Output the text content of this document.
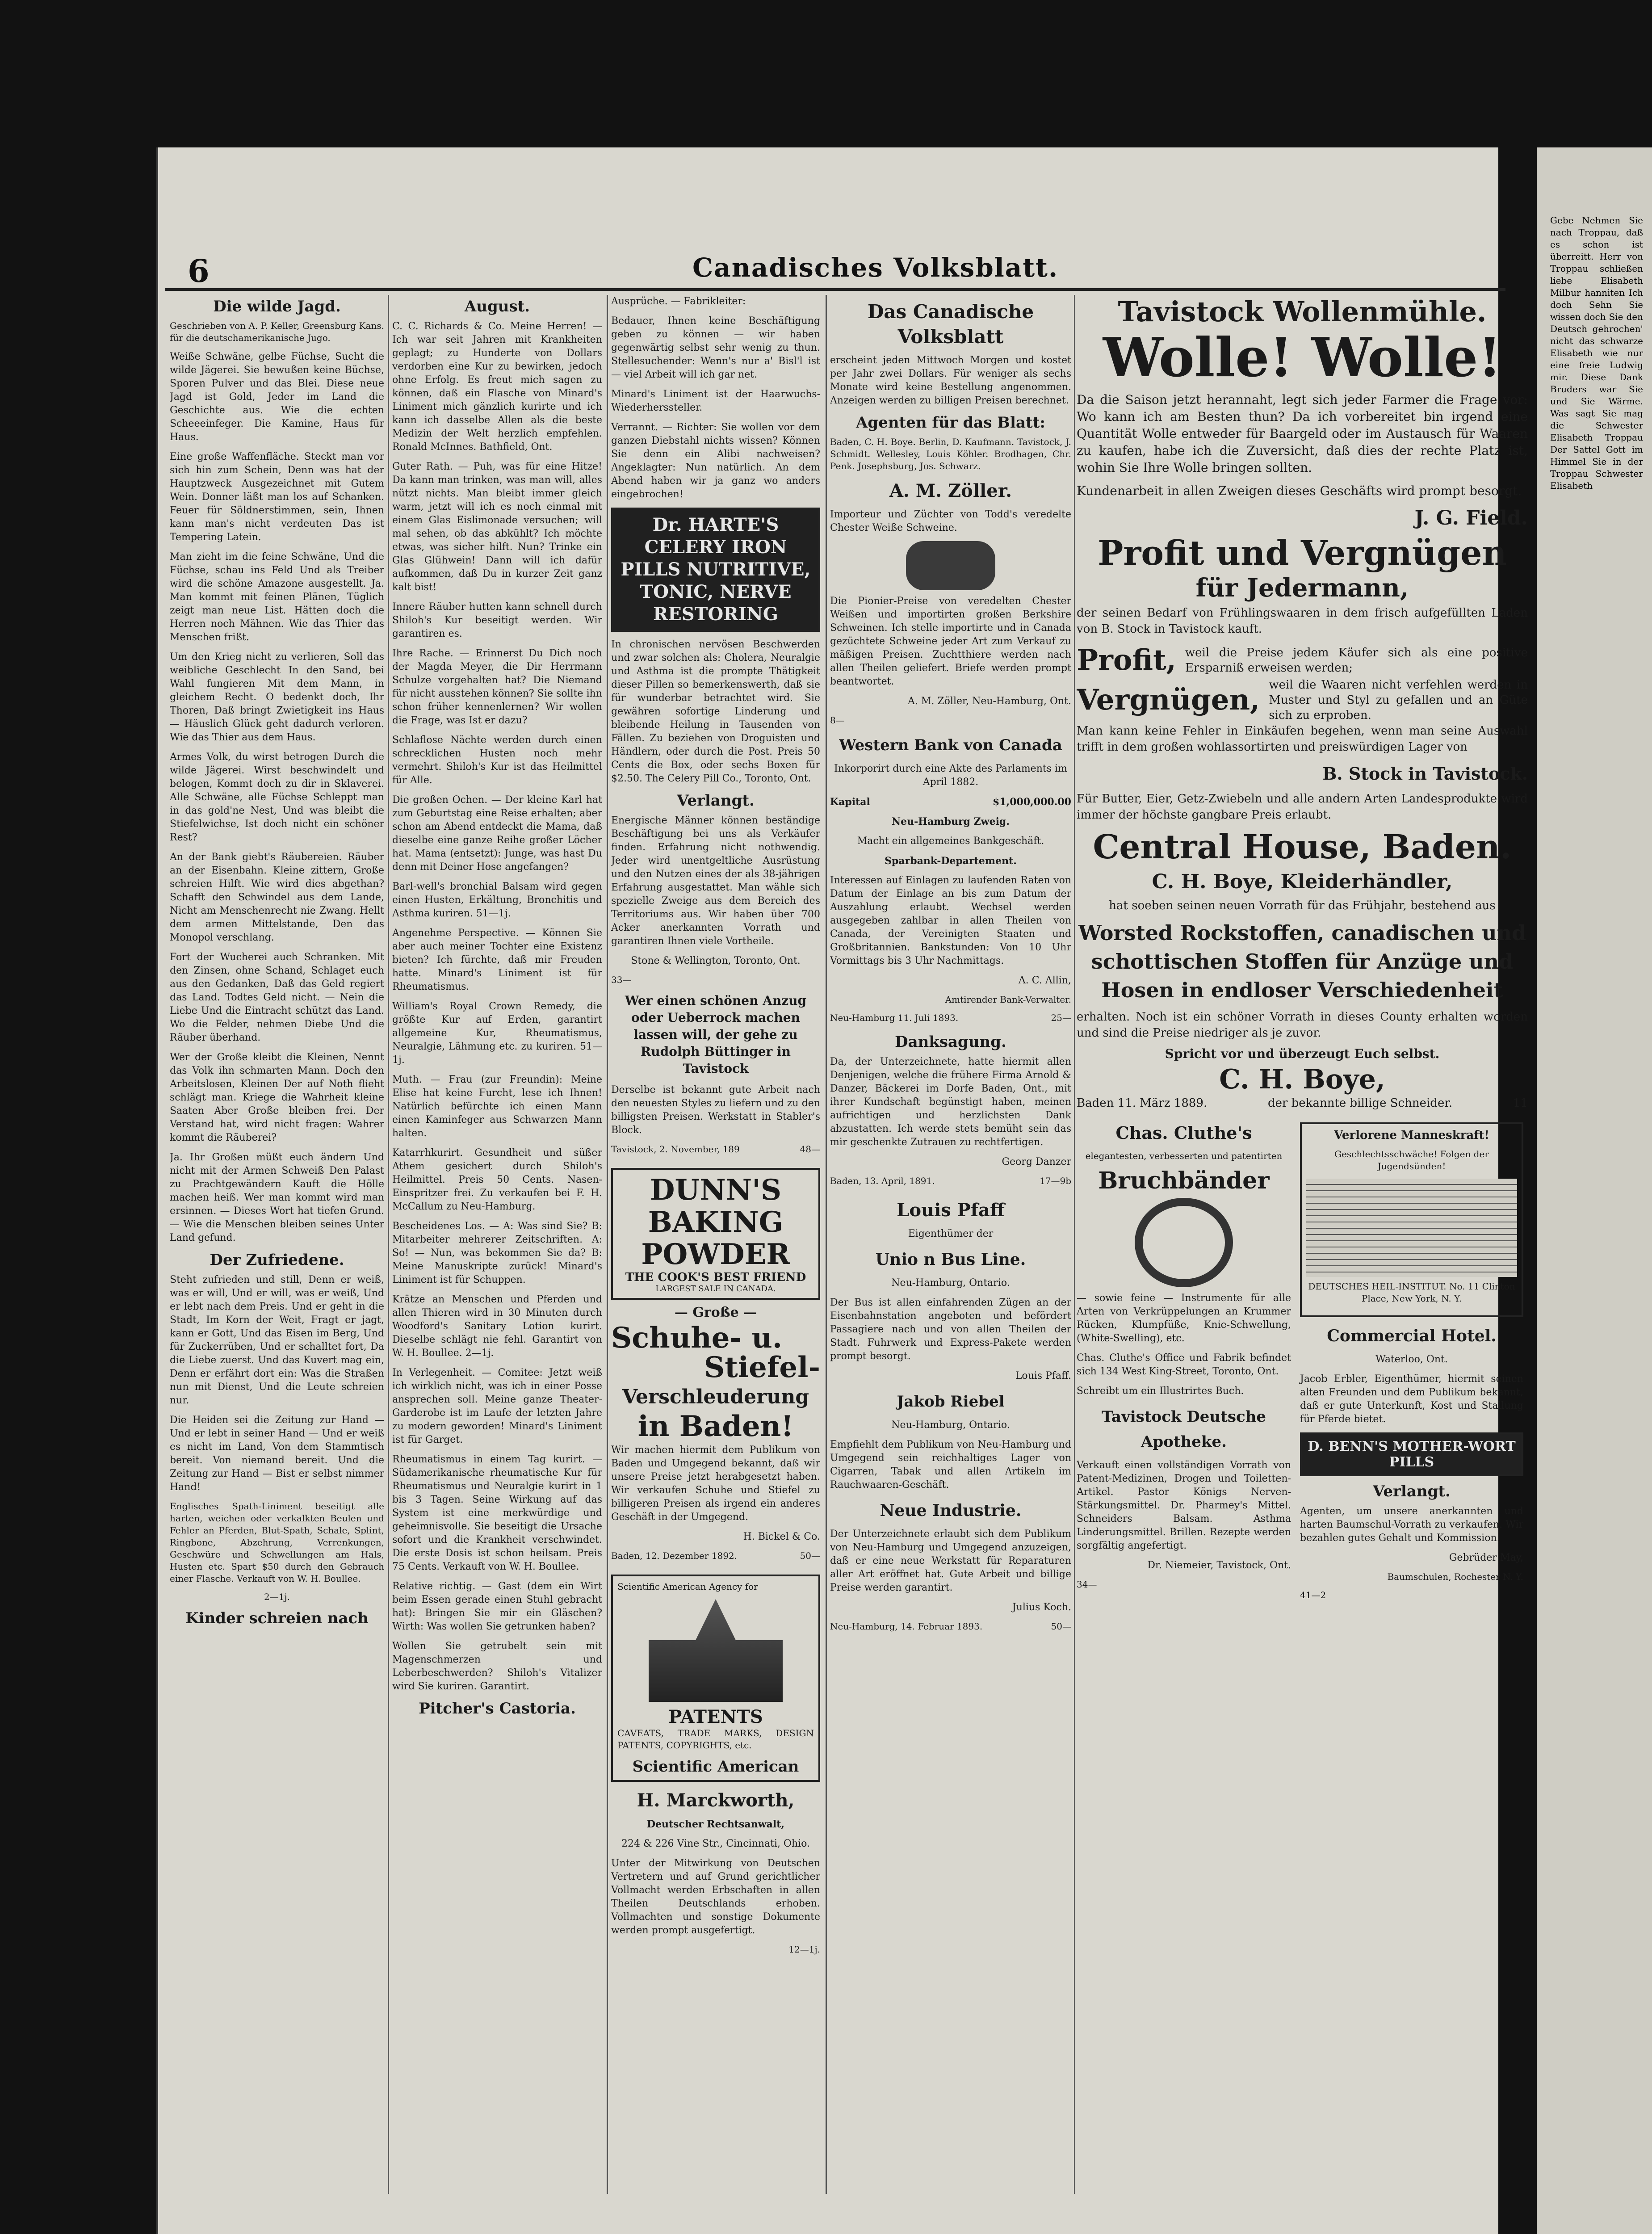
Gebe Nehmen Sie nach Troppau, daß es schon ist überreitt. Herr von Troppau schließen liebe Elisabeth Milbur hanniten Ich doch Sehn Sie wissen doch Sie den Deutsch gehrochen' nicht das schwarze Elisabeth wie nur eine freie Ludwig mir. Diese Dank Bruders war Sie und Sie Wärme. Was sagt Sie mag die Schwester Elisabeth Troppau Der Sattel Gott im Himmel Sie in der Troppau Schwester Elisabeth

6	Canadisches Volksblatt.
Die wilde Jagd.

Geschrieben von A. P. Keller, Greensburg Kans. für die deutschamerikanische Jugo.

Weiße Schwäne, gelbe Füchse, Sucht die wilde Jägerei. Sie bewußen keine Büchse, Sporen Pulver und das Blei. Diese neue Jagd ist Gold, Jeder im Land die Geschichte aus. Wie die echten Scheeeinfeger. Die Kamine, Haus für Haus.

Eine große Waffenfläche. Steckt man vor sich hin zum Schein, Denn was hat der Hauptzweck Ausgezeichnet mit Gutem Wein. Donner läßt man los auf Schanken. Feuer für Söldnerstimmen, sein, Ihnen kann man's nicht verdeuten Das ist Tempering Latein.

Man zieht im die feine Schwäne, Und die Füchse, schau ins Feld Und als Treiber wird die schöne Amazone ausgestellt. Ja. Man kommt mit feinen Plänen, Tüglich zeigt man neue List. Hätten doch die Herren noch Mähnen. Wie das Thier das Menschen frißt.

Um den Krieg nicht zu verlieren, Soll das weibliche Geschlecht In den Sand, bei Wahl fungieren Mit dem Mann, in gleichem Recht. O bedenkt doch, Ihr Thoren, Daß bringt Zwietigkeit ins Haus — Häuslich Glück geht dadurch verloren. Wie das Thier aus dem Haus.

Armes Volk, du wirst betrogen Durch die wilde Jägerei. Wirst beschwindelt und belogen, Kommt doch zu dir in Sklaverei. Alle Schwäne, alle Füchse Schleppt man in das gold'ne Nest, Und was bleibt die Stiefelwichse, Ist doch nicht ein schöner Rest?

An der Bank giebt's Räubereien. Räuber an der Eisenbahn. Kleine zittern, Große schreien Hilft. Wie wird dies abgethan? Schafft den Schwindel aus dem Lande, Nicht am Menschenrecht nie Zwang. Hellt dem armen Mittelstande, Den das Monopol verschlang.

Fort der Wucherei auch Schranken. Mit den Zinsen, ohne Schand, Schlaget euch aus den Gedanken, Daß das Geld regiert das Land. Todtes Geld nicht. — Nein die Liebe Und die Eintracht schützt das Land. Wo die Felder, nehmen Diebe Und die Räuber überhand.

Wer der Große kleibt die Kleinen, Nennt das Volk ihn schmarten Mann. Doch den Arbeitslosen, Kleinen Der auf Noth flieht schlägt man. Kriege die Wahrheit kleine Saaten Aber Große bleiben frei. Der Verstand hat, wird nicht fragen: Wahrer kommt die Räuberei?

Ja. Ihr Großen müßt euch ändern Und nicht mit der Armen Schweiß Den Palast zu Prachtgewändern Kauft die Hölle machen heiß. Wer man kommt wird man ersinnen. — Dieses Wort hat tiefen Grund. — Wie die Menschen bleiben seines Unter Land gefund.

Der Zufriedene.

Steht zufrieden und still, Denn er weiß, was er will, Und er will, was er weiß, Und er lebt nach dem Preis. Und er geht in die Stadt, Im Korn der Weit, Fragt er jagt, kann er Gott, Und das Eisen im Berg, Und für Zuckerrüben, Und er schalltet fort, Da die Liebe zuerst. Und das Kuvert mag ein, Denn er erfährt dort ein: Was die Straßen nun mit Dienst, Und die Leute schreien nur.

Die Heiden sei die Zeitung zur Hand — Und er lebt in seiner Hand — Und er weiß es nicht im Land, Von dem Stammtisch bereit. Von niemand bereit. Und die Zeitung zur Hand — Bist er selbst nimmer Hand!

Englisches Spath-Liniment beseitigt alle harten, weichen oder verkalkten Beulen und Fehler an Pferden, Blut-Spath, Schale, Splint, Ringbone, Abzehrung, Verrenkungen, Geschwüre und Schwellungen am Hals, Husten etc. Spart $50 durch den Gebrauch einer Flasche. Verkauft von W. H. Boullee.

2—1j.

Kinder schreien nach
August.

C. C. Richards & Co. Meine Herren! — Ich war seit Jahren mit Krankheiten geplagt; zu Hunderte von Dollars verdorben eine Kur zu bewirken, jedoch ohne Erfolg. Es freut mich sagen zu können, daß ein Flasche von Minard's Liniment mich gänzlich kurirte und ich kann ich dasselbe Allen als die beste Medizin der Welt herzlich empfehlen. Ronald McInnes. Bathfield, Ont.

Guter Rath. — Puh, was für eine Hitze! Da kann man trinken, was man will, alles nützt nichts. Man bleibt immer gleich warm, jetzt will ich es noch einmal mit einem Glas Eislimonade versuchen; will mal sehen, ob das abkühlt? Ich möchte etwas, was sicher hilft. Nun? Trinke ein Glas Glühwein! Dann will ich dafür aufkommen, daß Du in kurzer Zeit ganz kalt bist!

Innere Räuber hutten kann schnell durch Shiloh's Kur beseitigt werden. Wir garantiren es.

Ihre Rache. — Erinnerst Du Dich noch der Magda Meyer, die Dir Herrmann Schulze vorgehalten hat? Die Niemand für nicht ausstehen können? Sie sollte ihn schon früher kennenlernen? Wir wollen die Frage, was Ist er dazu?

Schlaflose Nächte werden durch einen schrecklichen Husten noch mehr vermehrt. Shiloh's Kur ist das Heilmittel für Alle.

Die großen Ochen. — Der kleine Karl hat zum Geburtstag eine Reise erhalten; aber schon am Abend entdeckt die Mama, daß dieselbe eine ganze Reihe großer Löcher hat. Mama (entsetzt): Junge, was hast Du denn mit Deiner Hose angefangen?

Barl-well's bronchial Balsam wird gegen einen Husten, Erkältung, Bronchitis und Asthma kuriren. 51—1j.

Angenehme Perspective. — Können Sie aber auch meiner Tochter eine Existenz bieten? Ich fürchte, daß mir Freuden hatte. Minard's Liniment ist für Rheumatismus.

William's Royal Crown Remedy, die größte Kur auf Erden, garantirt allgemeine Kur, Rheumatismus, Neuralgie, Lähmung etc. zu kuriren. 51—1j.

Muth. — Frau (zur Freundin): Meine Elise hat keine Furcht, lese ich Ihnen! Natürlich befürchte ich einen Mann einen Kaminfeger aus Schwarzen Mann halten.

Katarrhkurirt. Gesundheit und süßer Athem gesichert durch Shiloh's Heilmittel. Preis 50 Cents. Nasen-Einspritzer frei. Zu verkaufen bei F. H. McCallum zu Neu-Hamburg.

Bescheidenes Los. — A: Was sind Sie? B: Mitarbeiter mehrerer Zeitschriften. A: So! — Nun, was bekommen Sie da? B: Meine Manuskripte zurück! Minard's Liniment ist für Schuppen.

Krätze an Menschen und Pferden und allen Thieren wird in 30 Minuten durch Woodford's Sanitary Lotion kurirt. Dieselbe schlägt nie fehl. Garantirt von W. H. Boullee. 2—1j.

In Verlegenheit. — Comitee: Jetzt weiß ich wirklich nicht, was ich in einer Posse ansprechen soll. Meine ganze Theater-Garderobe ist im Laufe der letzten Jahre zu modern geworden! Minard's Liniment ist für Garget.

Rheumatismus in einem Tag kurirt. — Südamerikanische rheumatische Kur für Rheumatismus und Neuralgie kurirt in 1 bis 3 Tagen. Seine Wirkung auf das System ist eine merkwürdige und geheimnisvolle. Sie beseitigt die Ursache sofort und die Krankheit verschwindet. Die erste Dosis ist schon heilsam. Preis 75 Cents. Verkauft von W. H. Boullee.

Relative richtig. — Gast (dem ein Wirt beim Essen gerade einen Stuhl gebracht hat): Bringen Sie mir ein Gläschen? Wirth: Was wollen Sie getrunken haben?

Wollen Sie getrubelt sein mit Magenschmerzen und Leberbeschwerden? Shiloh's Vitalizer wird Sie kuriren. Garantirt.

Pitcher's Castoria.

Ausprüche. — Fabrikleiter:

Bedauer, Ihnen keine Beschäftigung geben zu können — wir haben gegenwärtig selbst sehr wenig zu thun. Stellesuchender: Wenn's nur a' Bisl'l ist — viel Arbeit will ich gar net.

Minard's Liniment ist der Haarwuchs-Wiederherssteller.

Verrannt. — Richter: Sie wollen vor dem ganzen Diebstahl nichts wissen? Können Sie denn ein Alibi nachweisen? Angeklagter: Nun natürlich. An dem Abend haben wir ja ganz wo anders eingebrochen!

Dr. HARTE'S CELERY IRON PILLS NUTRITIVE, TONIC, NERVE RESTORING

In chronischen nervösen Beschwerden und zwar solchen als: Cholera, Neuralgie und Asthma ist die prompte Thätigkeit dieser Pillen so bemerkenswerth, daß sie für wunderbar betrachtet wird. Sie gewähren sofortige Linderung und bleibende Heilung in Tausenden von Fällen. Zu beziehen von Droguisten und Händlern, oder durch die Post. Preis 50 Cents die Box, oder sechs Boxen für $2.50. The Celery Pill Co., Toronto, Ont.

Verlangt.

Energische Männer können beständige Beschäftigung bei uns als Verkäufer finden. Erfahrung nicht nothwendig. Jeder wird unentgeltliche Ausrüstung und den Nutzen eines der als 38-jährigen Erfahrung ausgestattet. Man wähle sich spezielle Zweige aus dem Bereich des Territoriums aus. Wir haben über 700 Acker anerkannten Vorrath und garantiren Ihnen viele Vortheile.

Stone & Wellington, Toronto, Ont.

33—

Wer einen schönen Anzug oder Ueberrock machen lassen will, der gehe zu Rudolph Büttinger in Tavistock

Derselbe ist bekannt gute Arbeit nach den neuesten Styles zu liefern und zu den billigsten Preisen. Werkstatt in Stabler's Block.

Tavistock, 2. November, 189	48—
DUNN'S
BAKING
POWDER
THE COOK'S BEST FRIEND
LARGEST SALE IN CANADA.

— Große —

Schuhe- u.

Stiefel-

Verschleuderung

in Baden!

Wir machen hiermit dem Publikum von Baden und Umgegend bekannt, daß wir unsere Preise jetzt herabgesetzt haben. Wir verkaufen Schuhe und Stiefel zu billigeren Preisen als irgend ein anderes Geschäft in der Umgegend.

H. Bickel & Co.

Baden, 12. Dezember 1892.	50—
Scientific American Agency for
PATENTS
CAVEATS, TRADE MARKS, DESIGN PATENTS, COPYRIGHTS, etc.
Scientific American

H. Marckworth,

Deutscher Rechtsanwalt,

224 & 226 Vine Str., Cincinnati, Ohio.

Unter der Mitwirkung von Deutschen Vertretern und auf Grund gerichtlicher Vollmacht werden Erbschaften in allen Theilen Deutschlands erhoben. Vollmachten und sonstige Dokumente werden prompt ausgefertigt.

12—1j.

Das Canadische Volksblatt

erscheint jeden Mittwoch Morgen und kostet per Jahr zwei Dollars. Für weniger als sechs Monate wird keine Bestellung angenommen. Anzeigen werden zu billigen Preisen berechnet.

Agenten für das Blatt:

Baden, C. H. Boye. Berlin, D. Kaufmann. Tavistock, J. Schmidt. Wellesley, Louis Köhler. Brodhagen, Chr. Penk. Josephsburg, Jos. Schwarz.

A. M. Zöller.

Importeur und Züchter von Todd's veredelte Chester Weiße Schweine.

Die Pionier-Preise von veredelten Chester Weißen und importirten großen Berkshire Schweinen. Ich stelle importirte und in Canada gezüchtete Schweine jeder Art zum Verkauf zu mäßigen Preisen. Zuchtthiere werden nach allen Theilen geliefert. Briefe werden prompt beantwortet.

A. M. Zöller, Neu-Hamburg, Ont.

8—

Western Bank von Canada

Inkorporirt durch eine Akte des Parlaments im April 1882.

Kapital	$1,000,000.00

Neu-Hamburg Zweig.

Macht ein allgemeines Bankgeschäft.

Sparbank-Departement.

Interessen auf Einlagen zu laufenden Raten von Datum der Einlage an bis zum Datum der Auszahlung erlaubt. Wechsel werden ausgegeben zahlbar in allen Theilen von Canada, der Vereinigten Staaten und Großbritannien. Bankstunden: Von 10 Uhr Vormittags bis 3 Uhr Nachmittags.

A. C. Allin,

Amtirender Bank-Verwalter.

Neu-Hamburg 11. Juli 1893.	25—
Danksagung.

Da, der Unterzeichnete, hatte hiermit allen Denjenigen, welche die frühere Firma Arnold & Danzer, Bäckerei im Dorfe Baden, Ont., mit ihrer Kundschaft begünstigt haben, meinen aufrichtigen und herzlichsten Dank abzustatten. Ich werde stets bemüht sein das mir geschenkte Zutrauen zu rechtfertigen.

Georg Danzer

Baden, 13. April, 1891.	17—9b

Louis Pfaff

Eigenthümer der

Unio n Bus Line.

Neu-Hamburg, Ontario.

Der Bus ist allen einfahrenden Zügen an der Eisenbahnstation angeboten und befördert Passagiere nach und von allen Theilen der Stadt. Fuhrwerk und Express-Pakete werden prompt besorgt.

Louis Pfaff.

Jakob Riebel

Neu-Hamburg, Ontario.

Empfiehlt dem Publikum von Neu-Hamburg und Umgegend sein reichhaltiges Lager von Cigarren, Tabak und allen Artikeln im Rauchwaaren-Geschäft.

Neue Industrie.

Der Unterzeichnete erlaubt sich dem Publikum von Neu-Hamburg und Umgegend anzuzeigen, daß er eine neue Werkstatt für Reparaturen aller Art eröffnet hat. Gute Arbeit und billige Preise werden garantirt.

Julius Koch.

Neu-Hamburg, 14. Februar 1893.	50—

Tavistock Wollenmühle.

Wolle! Wolle!

Da die Saison jetzt herannaht, legt sich jeder Farmer die Frage vor: Wo kann ich am Besten thun? Da ich vorbereitet bin irgend eine Quantität Wolle entweder für Baargeld oder im Austausch für Waaren zu kaufen, habe ich die Zuversicht, daß dies der rechte Platz ist, wohin Sie Ihre Wolle bringen sollten.

Kundenarbeit in allen Zweigen dieses Geschäfts wird prompt besorgt.

J. G. Field.

Profit und Vergnügen

für Jedermann,

der seinen Bedarf von Frühlingswaaren in dem frisch aufgefüllten Laden von B. Stock in Tavistock kauft.

Profit, weil die Preise jedem Käufer sich als eine positive Ersparniß erweisen werden;
Vergnügen, weil die Waaren nicht verfehlen werden in Muster und Styl zu gefallen und an Güte sich zu erproben.

Man kann keine Fehler in Einkäufen begehen, wenn man seine Auswahl trifft in dem großen wohlassortirten und preiswürdigen Lager von

B. Stock in Tavistock.

Für Butter, Eier, Getz-Zwiebeln und alle andern Arten Landesprodukte wird immer der höchste gangbare Preis erlaubt.

Central House, Baden.

C. H. Boye, Kleiderhändler,

hat soeben seinen neuen Vorrath für das Frühjahr, bestehend aus

Worsted Rockstoffen, canadischen und schottischen Stoffen für Anzüge und Hosen in endloser Verschiedenheit

erhalten. Noch ist ein schöner Vorrath in dieses County erhalten worden und sind die Preise niedriger als je zuvor.

Spricht vor und überzeugt Euch selbst.

C. H. Boye,

Baden 11. März 1889.	der bekannte billige Schneider.	11

Chas. Cluthe's

elegantesten, verbesserten und patentirten

Bruchbänder

— sowie feine — Instrumente für alle Arten von Verkrüppelungen an Krummer Rücken, Klumpfüße, Knie-Schwellung, (White-Swelling), etc.

Chas. Cluthe's Office und Fabrik befindet sich 134 West King-Street, Toronto, Ont.

Schreibt um ein Illustrirtes Buch.

Tavistock Deutsche Apotheke.

Verkauft einen vollständigen Vorrath von Patent-Medizinen, Drogen und Toiletten-Artikel. Pastor Königs Nerven-Stärkungsmittel. Dr. Pharmey's Mittel. Schneiders Balsam. Asthma Linderungsmittel. Brillen. Rezepte werden sorgfältig angefertigt.

Dr. Niemeier, Tavistock, Ont.

34—

Verlorene Manneskraft!

Geschlechtsschwäche! Folgen der Jugendsünden!

DEUTSCHES HEIL-INSTITUT. No. 11 Clinton Place, New York, N. Y.

Commercial Hotel.

Waterloo, Ont.

Jacob Erbler, Eigenthümer, hiermit seinen alten Freunden und dem Publikum bekannt, daß er gute Unterkunft, Kost und Stallung für Pferde bietet.

D. BENN'S MOTHER-WORT PILLS
Verlangt.

Agenten, um unsere anerkannten und harten Baumschul-Vorrath zu verkaufen. Wir bezahlen gutes Gehalt und Kommission.

Gebrüder May,

Baumschulen, Rochester N. Y.

41—2
